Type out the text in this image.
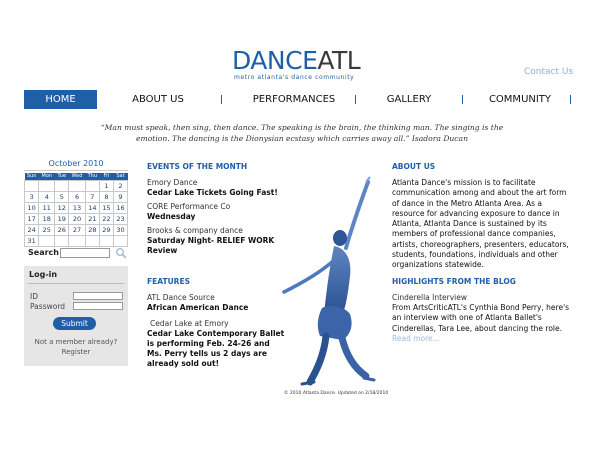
DANCEATL
metro atlanta's dance community
Contact Us
HOME	ABOUT US	PERFORMANCES	GALLERY	COMMUNITY
“Man must speak, then sing, then dance. The speaking is the brain, the thinking man. The singing is the emotion. The dancing is the Dionysian ecstasy which carries away all.” Isadora Ducan
October 2010
Sun	Mon	Tue	Wed	Thu	Fri	Sat
					1	2
3	4	5	6	7	8	9
10	11	12	13	14	15	16
17	18	19	20	21	22	23
24	25	26	27	28	29	30
31						
Search
Log-in
ID
Password
Submit
Not a member already?
Register
EVENTS OF THE MONTH
Emory Dance
Cedar Lake Tickets Going Fast!
CORE Performance Co
Wednesday
Brooks & company dance
Saturday Night- RELIEF WORK Review
FEATURES
ATL Dance Source
African American Dance
Cedar Lake at Emory
Cedar Lake Contemporary Ballet
is performing Feb. 24-26 and Ms. Perry tells us 2 days are already sold out!
ABOUT US
Atlanta Dance's mission is to facilitate communication among and about the art form of dance in the Metro Atlanta Area. As a resource for advancing exposure to dance in Atlanta, Atlanta Dance is sustained by its members of professional dance companies, artists, choreographers, presenters, educators, students, foundations, individuals and other organizations statewide.
HIGHLIGHTS FROM THE BLOG
Cinderella Interview
From ArtsCriticATL's Cynthia Bond Perry, here's an interview with one of Atlanta Ballet's Cinderellas, Tara Lee, about dancing the role. Read more...
© 2010 Atlanta Dance. Updated on 2/18/2010
